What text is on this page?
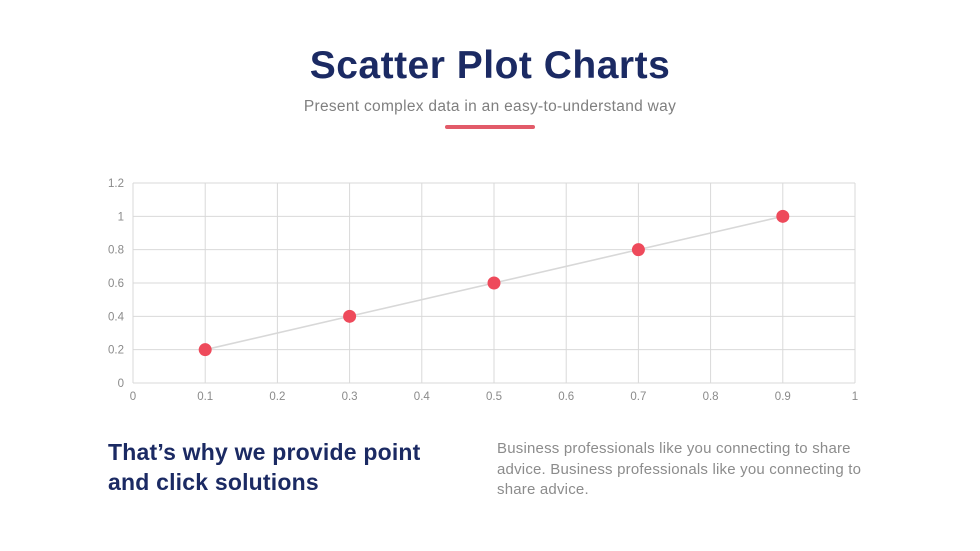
Scatter Plot Charts
Present complex data in an easy-to-understand way
0	0.1	0.2	0.3	0.4	0.5	0.6	0.7	0.8	0.9	1
0
0.2
0.4
0.6
0.8
1
1.2
That’s why we provide point
and click solutions
Business professionals like you connecting to share advice. Business professionals like you connecting to share advice.
